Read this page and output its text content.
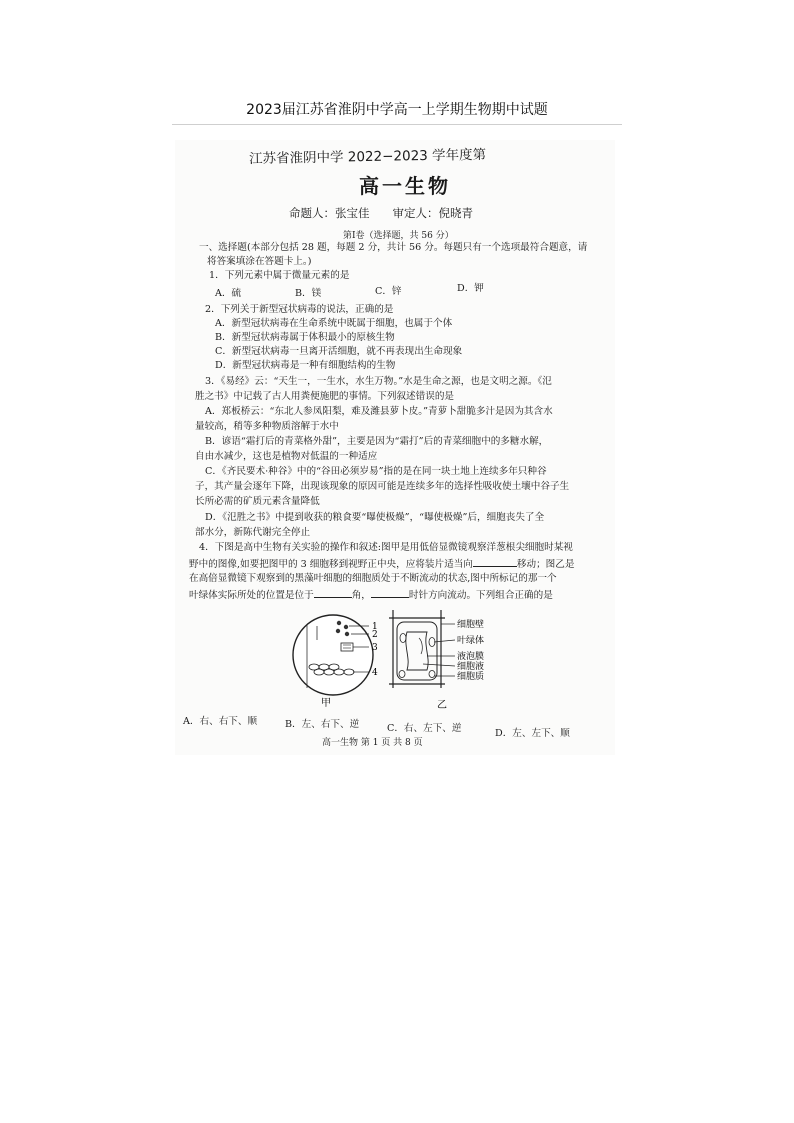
2023届江苏省淮阴中学高一上学期生物期中试题
江苏省淮阴中学 2022−2023 学年度第
高一生物
命题人：张宝佳　　审定人：倪晓青
第Ⅰ卷（选择题，共 56 分）
一、选择题(本部分包括 28 题，每题 2 分，共计 56 分。每题只有一个选项最符合题意，请
将答案填涂在答题卡上。)
1．下列元素中属于微量元素的是
A．硫	B．镁	C．锌	D．钾
2．下列关于新型冠状病毒的说法，正确的是
A．新型冠状病毒在生命系统中既属于细胞，也属于个体
B．新型冠状病毒属于体积最小的原核生物
C．新型冠状病毒一旦离开活细胞，就不再表现出生命现象
D．新型冠状病毒是一种有细胞结构的生物
3．《易经》云：“天生一，一生水，水生万物。”水是生命之源，也是文明之源。《氾
胜之书》中记载了古人用粪便施肥的事情。下列叙述错误的是
A．郑板桥云：“东北人参凤阳梨，难及潍县萝卜皮。”青萝卜甜脆多汁是因为其含水
量较高，稍等多种物质溶解于水中
B．谚语“霜打后的青菜格外甜”，主要是因为“霜打”后的青菜细胞中的多糖水解，
自由水减少，这也是植物对低温的一种适应
C．《齐民要术·种谷》中的“谷田必须岁易”指的是在同一块土地上连续多年只种谷
子，其产量会逐年下降，出现该现象的原因可能是连续多年的选择性吸收使土壤中谷子生
长所必需的矿质元素含量降低
D．《氾胜之书》中提到收获的粮食要“曝使极燥”，“曝使极燥”后，细胞丧失了全
部水分，新陈代谢完全停止
4．下图是高中生物有关实验的操作和叙述:图甲是用低倍显微镜观察洋葱根尖细胞时某视
野中的图像,如要把图甲的 3 细胞移到视野正中央，应将装片适当向	移动；图乙是
在高倍显微镜下观察到的黑藻叶细胞的细胞质处于不断流动的状态,图中所标记的那一个
叶绿体实际所处的位置是位于	角，	时针方向流动。下列组合正确的是
1
2
3
4
甲
细胞壁
叶绿体
液泡膜
细胞液
细胞质
乙
A．右、右下、顺	B．左、右下、逆	C．右、左下、逆	D．左、左下、顺
高一生物 第 1 页 共 8 页
